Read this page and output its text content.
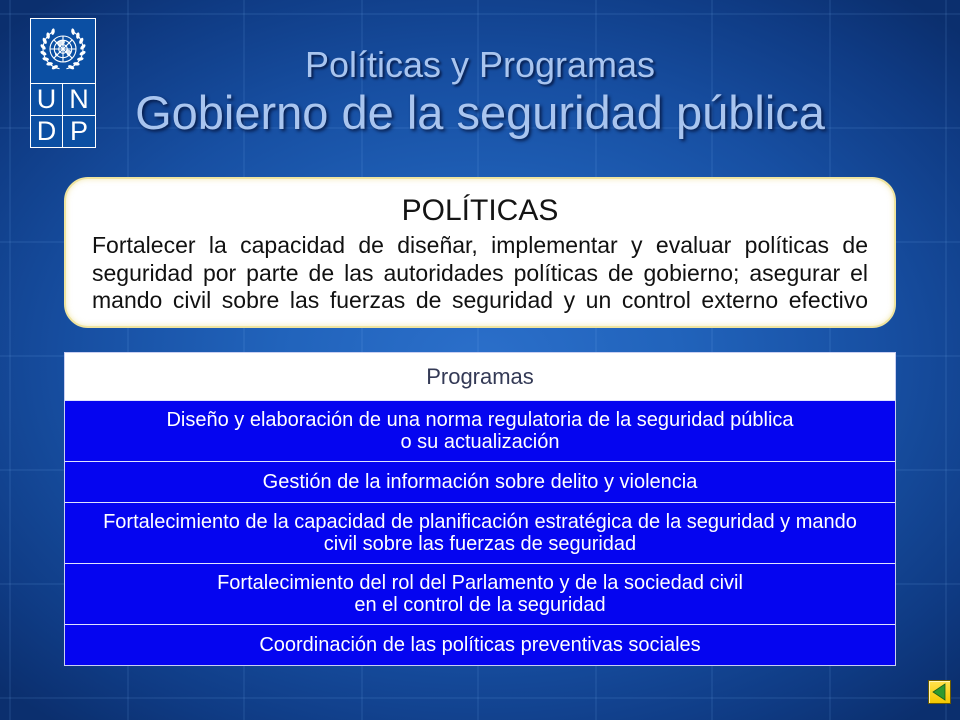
U N
D P
Políticas y Programas
Gobierno de la seguridad pública
POLÍTICAS
Fortalecer la capacidad de diseñar, implementar y evaluar políticas de seguridad por parte de las autoridades políticas de gobierno; asegurar el mando civil sobre las fuerzas de seguridad y un control externo efectivo
Programas
Diseño y elaboración de una norma regulatoria de la seguridad pública
o su actualización
Gestión de la información sobre delito y violencia
Fortalecimiento de la capacidad de planificación estratégica de la seguridad y mando
civil sobre las fuerzas de seguridad
Fortalecimiento del rol del Parlamento y de la sociedad civil
en el control de la seguridad
Coordinación de las políticas preventivas sociales
